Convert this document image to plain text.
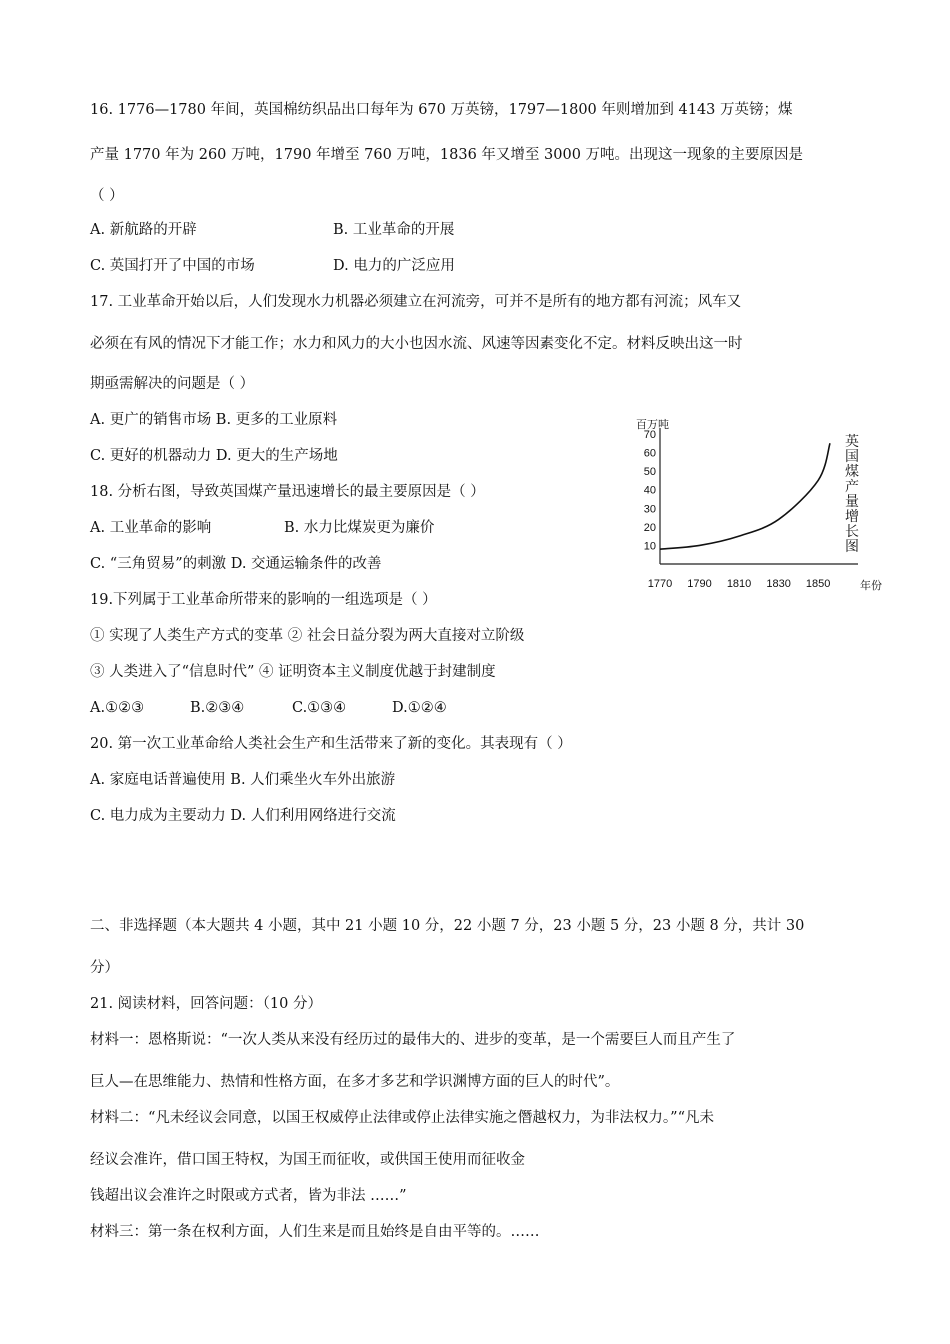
16. 1776—1780 年间，英国棉纺织品出口每年为 670 万英镑，1797—1800 年则增加到 4143 万英镑；煤
产量 1770 年为 260 万吨，1790 年增至 760 万吨，1836 年又增至 3000 万吨。出现这一现象的主要原因是
（ ）
A. 新航路的开辟	B. 工业革命的开展
C. 英国打开了中国的市场	D. 电力的广泛应用
17. 工业革命开始以后，人们发现水力机器必须建立在河流旁，可并不是所有的地方都有河流；风车又
必须在有风的情况下才能工作；水力和风力的大小也因水流、风速等因素变化不定。材料反映出这一时
期亟需解决的问题是（ ）
A. 更广的销售市场 B. 更多的工业原料
C. 更好的机器动力 D. 更大的生产场地
18. 分析右图，导致英国煤产量迅速增长的最主要原因是（ ）
A. 工业革命的影响	B. 水力比煤炭更为廉价
C. “三角贸易”的刺激 D. 交通运输条件的改善
19.下列属于工业革命所带来的影响的一组选项是（ ）
① 实现了人类生产方式的变革 ② 社会日益分裂为两大直接对立阶级
③ 人类进入了“信息时代” ④ 证明资本主义制度优越于封建制度
A.①②③	B.②③④	C.①③④	D.①②④
20. 第一次工业革命给人类社会生产和生活带来了新的变化。其表现有（ ）
A. 家庭电话普遍使用 B. 人们乘坐火车外出旅游
C. 电力成为主要动力 D. 人们利用网络进行交流
二、非选择题（本大题共 4 小题，其中 21 小题 10 分，22 小题 7 分，23 小题 5 分，23 小题 8 分，共计 30
分）
21. 阅读材料，回答问题：（10 分）
材料一：恩格斯说：“一次人类从来没有经历过的最伟大的、进步的变革，是一个需要巨人而且产生了
巨人—在思维能力、热情和性格方面，在多才多艺和学识渊博方面的巨人的时代”。
材料二：“凡未经议会同意，以国王权威停止法律或停止法律实施之僭越权力，为非法权力。”“凡未
经议会准许，借口国王特权，为国王而征收，或供国王使用而征收金
钱超出议会准许之时限或方式者，皆为非法 ……”
材料三：第一条在权利方面，人们生来是而且始终是自由平等的。……
10
20
30
40
50
60
70
1770 1790 1810 1830 1850
百万吨
年份
英
国
煤
产
量
增
长
图
